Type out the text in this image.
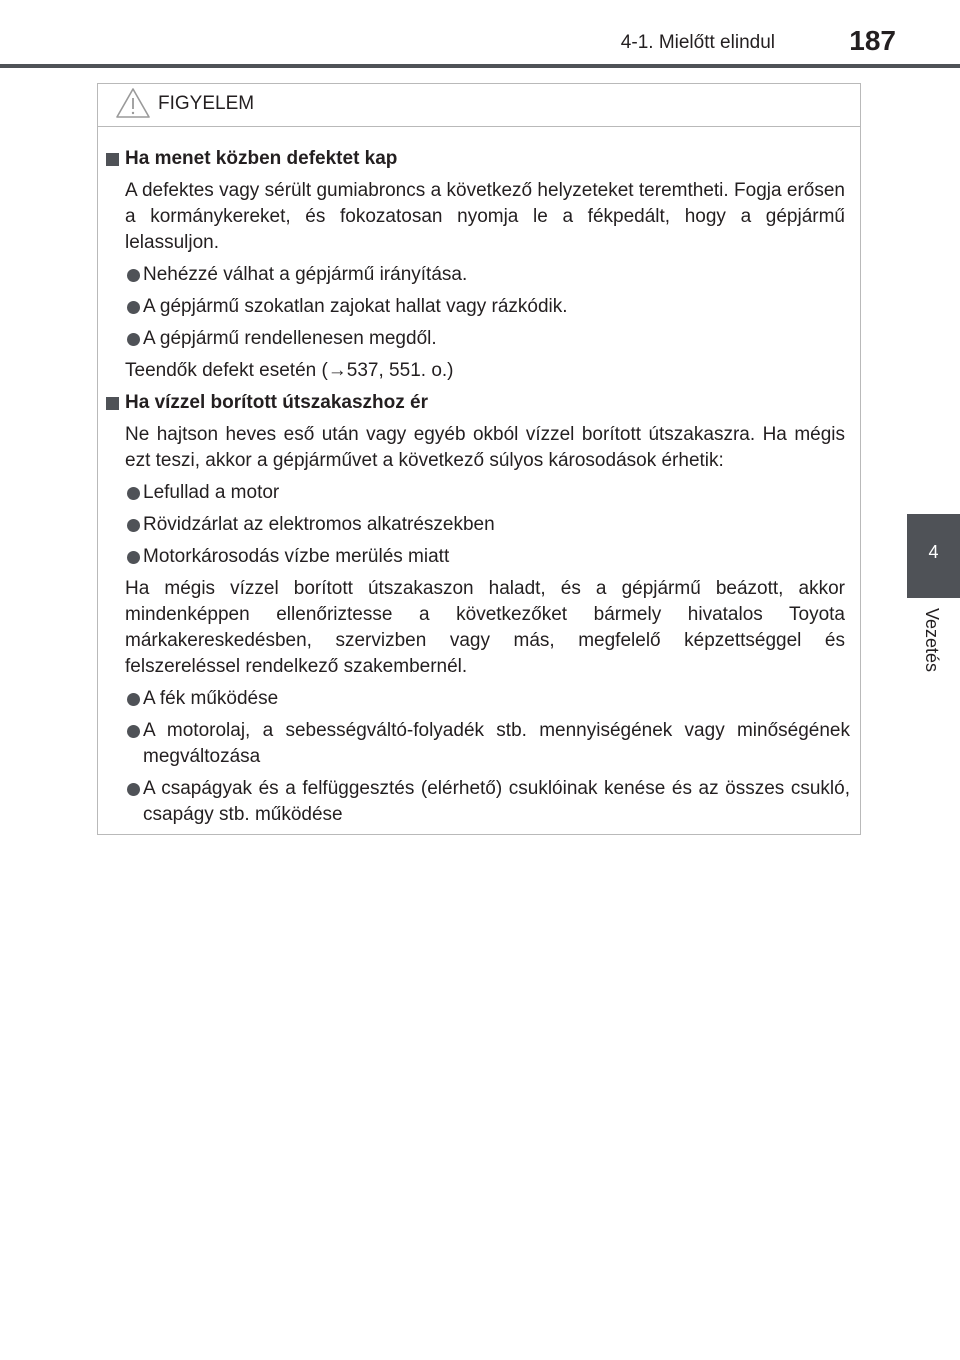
4-1. Mielőtt elindul	187
4
Vezetés
FIGYELEM
Ha menet közben defektet kap

A defektes vagy sérült gumiabroncs a következő helyzeteket teremtheti. Fogja erősen a kormánykereket, és fokozatosan nyomja le a fékpedált, hogy a gépjármű lelassuljon.

Nehézzé válhat a gépjármű irányítása.
A gépjármű szokatlan zajokat hallat vagy rázkódik.
A gépjármű rendellenesen megdől.

Teendők defekt esetén (→537, 551. o.)

Ha vízzel borított útszakaszhoz ér

Ne hajtson heves eső után vagy egyéb okból vízzel borított útszakaszra. Ha mégis ezt teszi, akkor a gépjárművet a következő súlyos károsodások érhetik:

Lefullad a motor
Rövidzárlat az elektromos alkatrészekben
Motorkárosodás vízbe merülés miatt

Ha mégis vízzel borított útszakaszon haladt, és a gépjármű beázott, akkor mindenképpen ellenőriztesse a következőket bármely hivatalos Toyota márkakereskedésben, szervizben vagy más, megfelelő képzettséggel és felszereléssel rendelkező szakembernél.

A fék működése
A motorolaj, a sebességváltó-folyadék stb. mennyiségének vagy minőségének megváltozása
A csapágyak és a felfüggesztés (elérhető) csuklóinak kenése és az összes csukló, csapágy stb. működése
